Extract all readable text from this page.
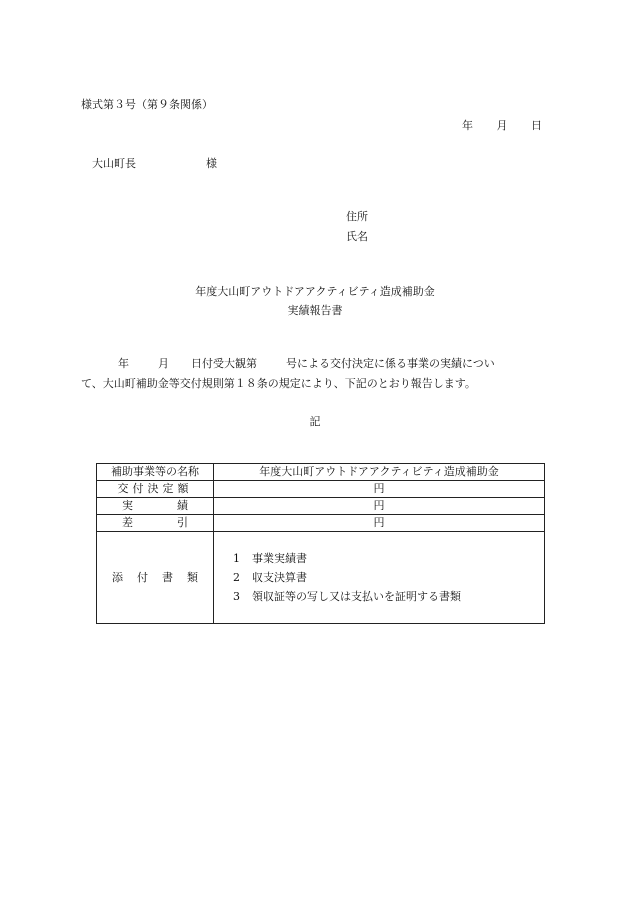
様式第３号（第９条関係）
年 月 日
大山町長	様
住所
氏名
年度大山町アウトドアアクティビティ造成補助金
実績報告書
年	月 日付受大観第	号による交付決定に係る事業の実績につい
て、大山町補助金等交付規則第１８条の規定により、下記のとおり報告します。
記
補助事業等の名称	年度大山町アウトドアアクティビティ造成補助金
交付決定額	円
実　　　　績	円
差　　　　引	円
添 付 書 類	1 事業実績書
2 収支決算書
3 領収証等の写し又は支払いを証明する書類
